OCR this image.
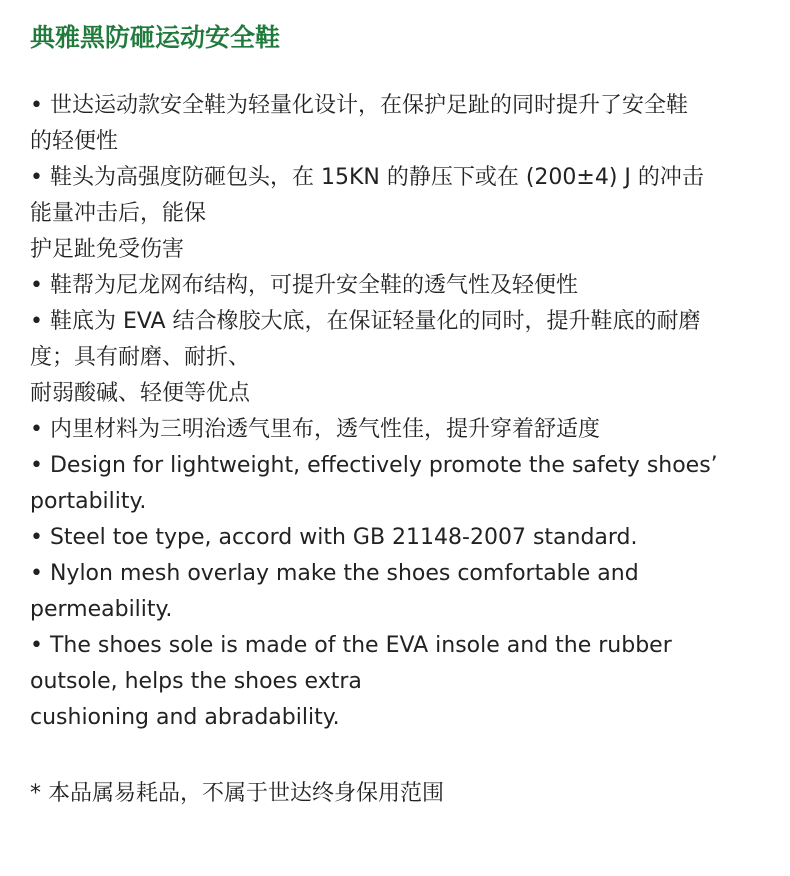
典雅黑防砸运动安全鞋
• 世达运动款安全鞋为轻量化设计，在保护足趾的同时提升了安全鞋
的轻便性
• 鞋头为高强度防砸包头，在 15KN 的静压下或在 (200±4) J 的冲击
能量冲击后，能保
护足趾免受伤害
• 鞋帮为尼龙网布结构，可提升安全鞋的透气性及轻便性
• 鞋底为 EVA 结合橡胶大底，在保证轻量化的同时，提升鞋底的耐磨
度；具有耐磨、耐折、
耐弱酸碱、轻便等优点
• 内里材料为三明治透气里布，透气性佳，提升穿着舒适度
• Design for lightweight, effectively promote the safety shoes’
portability.
• Steel toe type, accord with GB 21148-2007 standard.
• Nylon mesh overlay make the shoes comfortable and
permeability.
• The shoes sole is made of the EVA insole and the rubber
outsole, helps the shoes extra
cushioning and abradability.
* 本品属易耗品，不属于世达终身保用范围
